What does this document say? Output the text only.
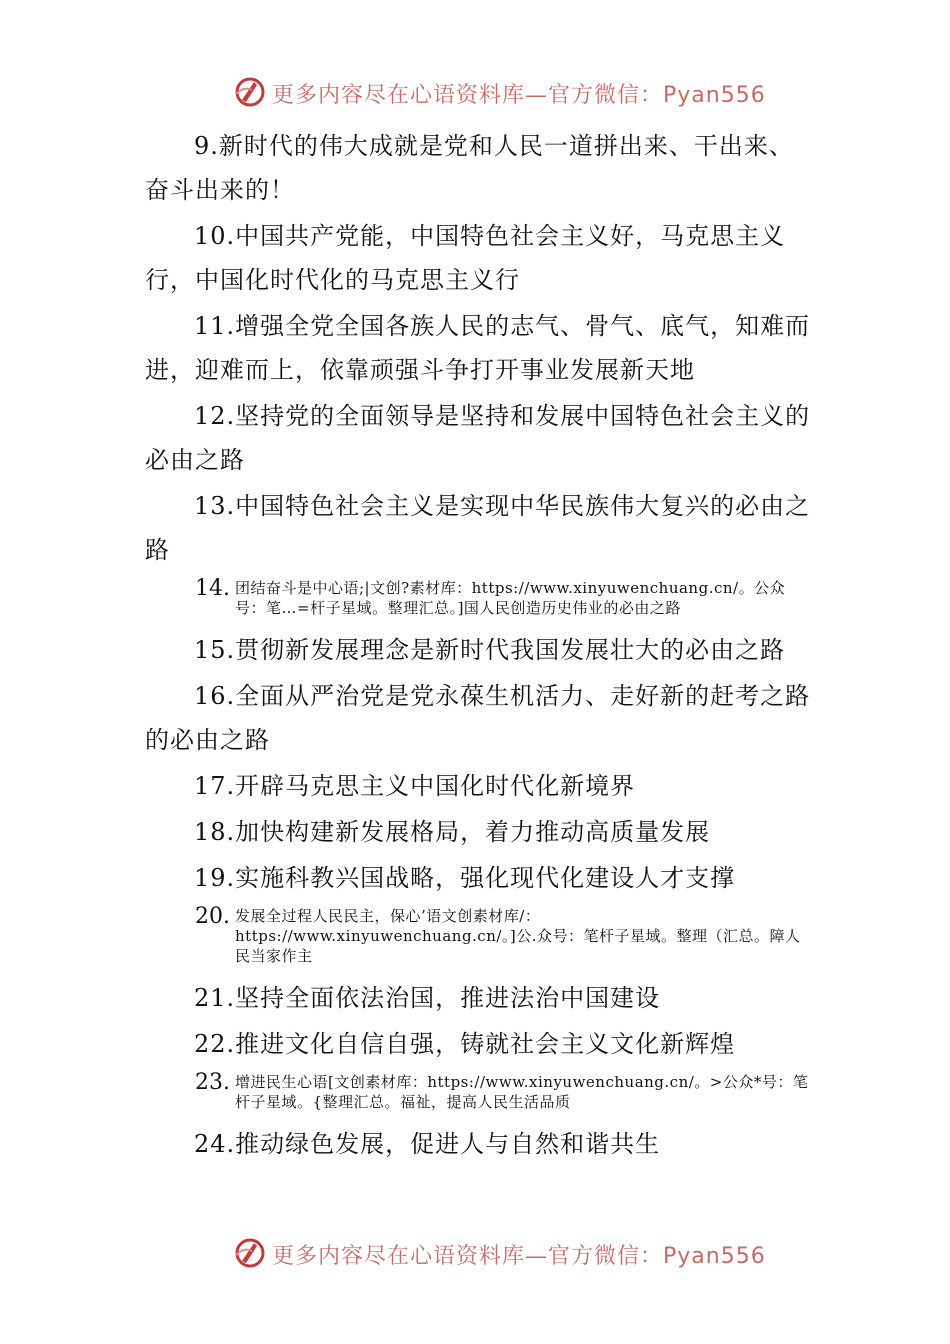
更多内容尽在心语资料库—官方微信：Pyan556
9.新时代的伟大成就是党和人民一道拼出来、干出来、奋斗出来的！
10.中国共产党能，中国特色社会主义好，马克思主义行，中国化时代化的马克思主义行
11.增强全党全国各族人民的志气、骨气、底气，知难而进，迎难而上，依靠顽强斗争打开事业发展新天地
12.坚持党的全面领导是坚持和发展中国特色社会主义的必由之路
13.中国特色社会主义是实现中华民族伟大复兴的必由之路
14. 团结奋斗是中心语;|文创?素材库：https://www.xinyuwenchuang.cn/。公众号：笔…=杆子星域。整理汇总。]国人民创造历史伟业的必由之路
15.贯彻新发展理念是新时代我国发展壮大的必由之路
16.全面从严治党是党永葆生机活力、走好新的赶考之路的必由之路
17.开辟马克思主义中国化时代化新境界
18.加快构建新发展格局，着力推动高质量发展
19.实施科教兴国战略，强化现代化建设人才支撑
20. 发展全过程人民民主，保心’语文创素材库/：https://www.xinyuwenchuang.cn/。]公.众号：笔杆子星域。整理（汇总。障人民当家作主
21.坚持全面依法治国，推进法治中国建设
22.推进文化自信自强，铸就社会主义文化新辉煌
23. 增进民生心语[文创素材库：https://www.xinyuwenchuang.cn/。>公众*号：笔杆子星域。{整理汇总。福祉，提高人民生活品质
24.推动绿色发展，促进人与自然和谐共生
更多内容尽在心语资料库—官方微信：Pyan556
